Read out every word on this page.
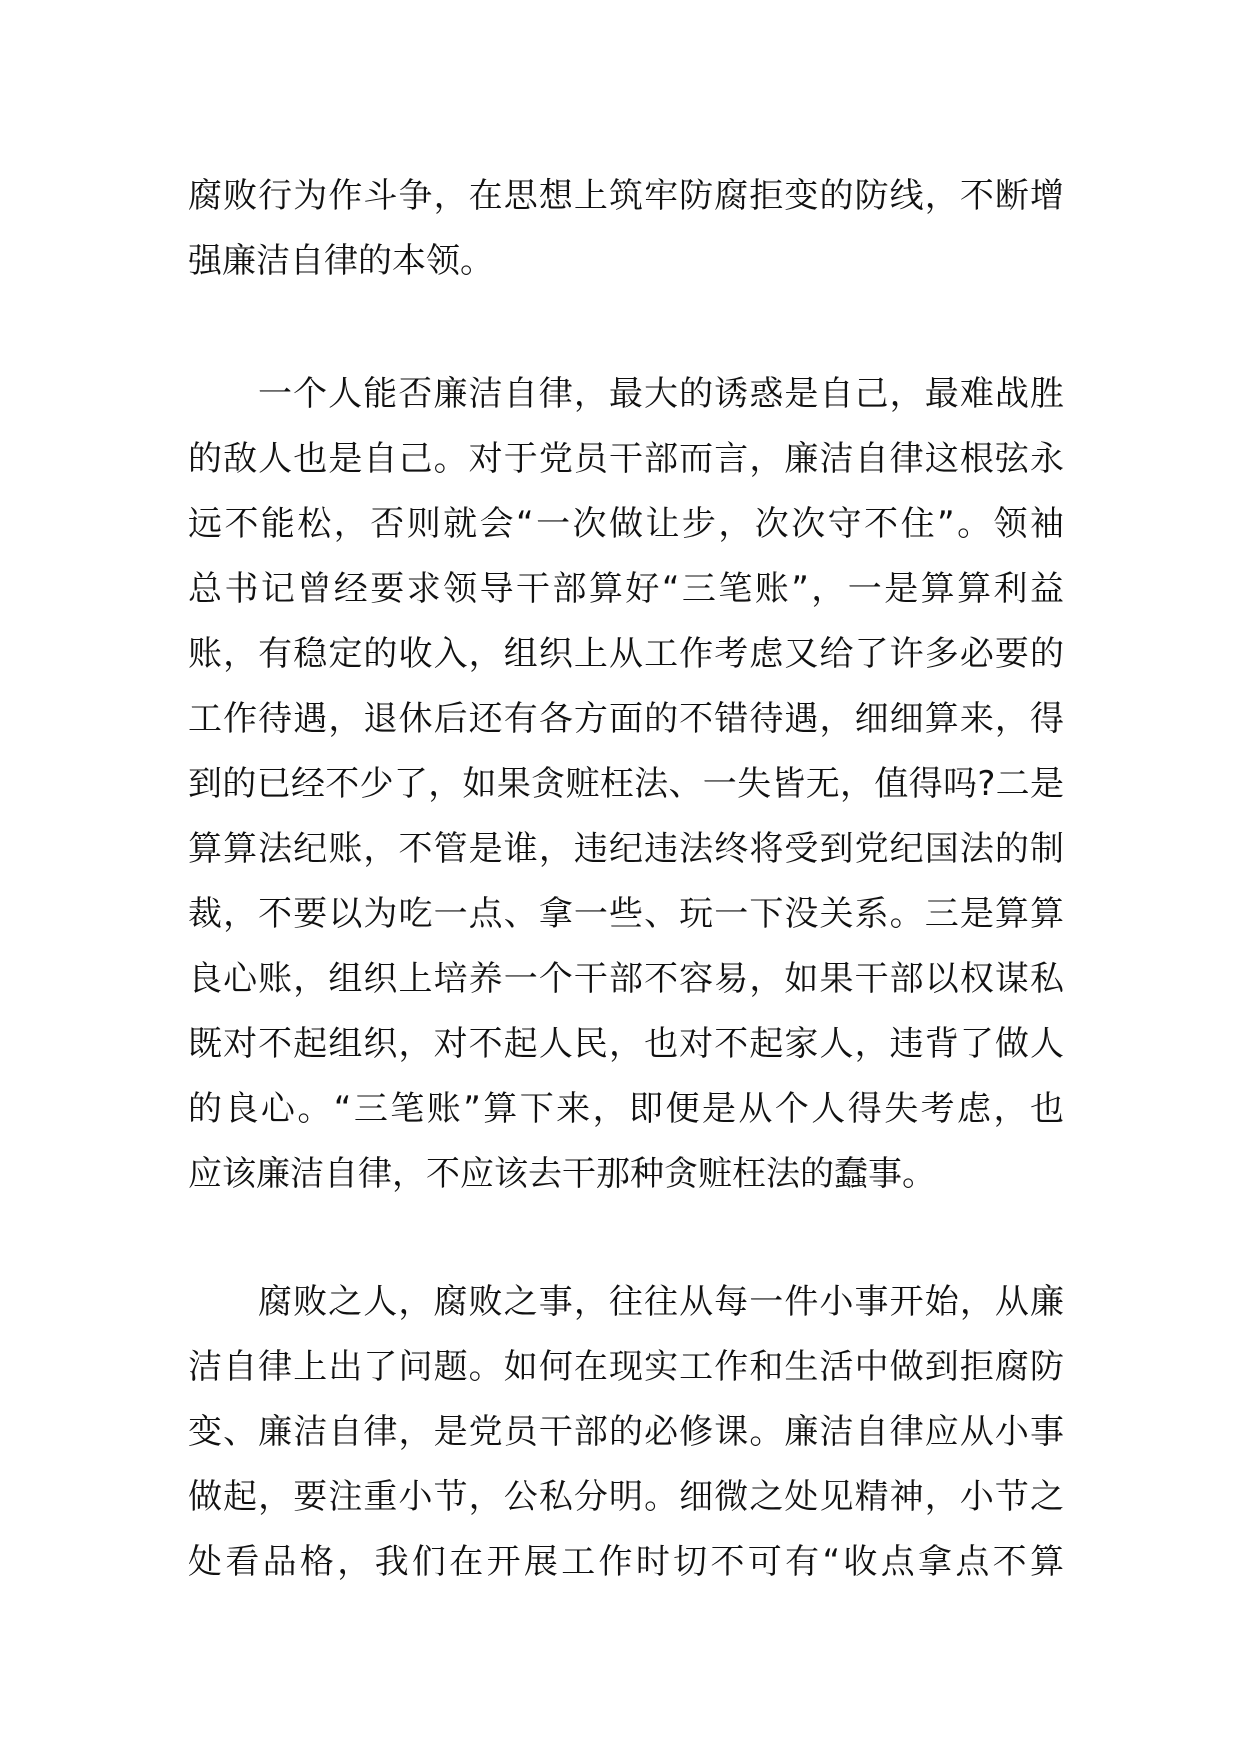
腐败行为作斗争，在思想上筑牢防腐拒变的防线，不断增
强廉洁自律的本领。
一个人能否廉洁自律，最大的诱惑是自己，最难战胜
的敌人也是自己。对于党员干部而言，廉洁自律这根弦永
远不能松，否则就会“一次做让步，次次守不住”。领袖
总书记曾经要求领导干部算好“三笔账”，一是算算利益
账，有稳定的收入，组织上从工作考虑又给了许多必要的
工作待遇，退休后还有各方面的不错待遇，细细算来，得
到的已经不少了，如果贪赃枉法、一失皆无，值得吗?二是
算算法纪账，不管是谁，违纪违法终将受到党纪国法的制
裁，不要以为吃一点、拿一些、玩一下没关系。三是算算
良心账，组织上培养一个干部不容易，如果干部以权谋私
既对不起组织，对不起人民，也对不起家人，违背了做人
的良心。“三笔账”算下来，即便是从个人得失考虑，也
应该廉洁自律，不应该去干那种贪赃枉法的蠢事。
腐败之人，腐败之事，往往从每一件小事开始，从廉
洁自律上出了问题。如何在现实工作和生活中做到拒腐防
变、廉洁自律，是党员干部的必修课。廉洁自律应从小事
做起，要注重小节，公私分明。细微之处见精神，小节之
处看品格，我们在开展工作时切不可有“收点拿点不算
